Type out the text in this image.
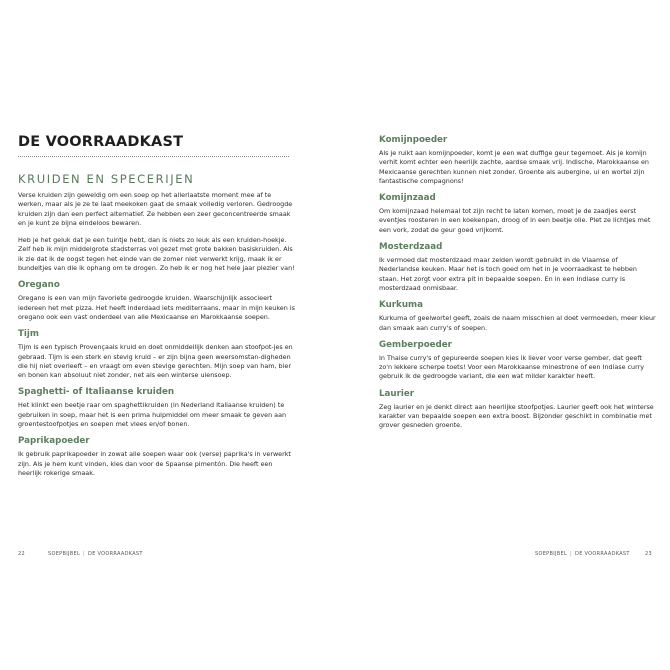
DE VOORRAADKAST
KRUIDEN EN SPECERIJEN

Verse kruiden zijn geweldig om een soep op het allerlaatste moment mee af te werken, maar als je ze te laat meekoken gaat de smaak volledig verloren. Gedroogde kruiden zijn dan een perfect alternatief. Ze hebben een zeer geconcentreerde smaak en je kunt ze bijna eindeloos bewaren.

Heb je het geluk dat je een tuintje hebt, dan is niets zo leuk als een kruiden-hoekje. Zelf heb ik mijn middelgrote stadsterras vol gezet met grote bakken basiskruiden. Als ik zie dat ik de oogst tegen het einde van de zomer niet verwerkt krijg, maak ik er bundeltjes van die ik ophang om te drogen. Zo heb ik er nog het hele jaar plezier van!

Oregano

Oregano is een van mijn favoriete gedroogde kruiden. Waarschijnlijk associeert iedereen het met pizza. Het heeft inderdaad iets mediterraans, maar in mijn keuken is oregano ook een vast onderdeel van alle Mexicaanse en Marokkaanse soepen.

Tijm

Tijm is een typisch Provençaals kruid en doet onmiddellijk denken aan stoofpot-jes en gebraad. Tijm is een sterk en stevig kruid – er zijn bijna geen weersomstan-digheden die hij niet overleeft – en vraagt om even stevige gerechten. Mijn soep van ham, bier en bonen kan absoluut niet zonder, net als een winterse uiensoep.

Spaghetti- of Italiaanse kruiden

Het klinkt een beetje raar om spaghettikruiden (in Nederland Italiaanse kruiden) te gebruiken in soep, maar het is een prima hulpmiddel om meer smaak te geven aan groentestoofpotjes en soepen met vlees en/of bonen.

Paprikapoeder

Ik gebruik paprikapoeder in zowat alle soepen waar ook (verse) paprika's in verwerkt zijn. Als je hem kunt vinden, kies dan voor de Spaanse pimentón. Die heeft een heerlijk rokerige smaak.

22	SOEPBIJBEL | DE VOORRAADKAST
Komijnpoeder

Als je ruikt aan komijnpoeder, komt je een wat duffige geur tegemoet. Als je komijn verhit komt echter een heerlijk zachte, aardse smaak vrij. Indische, Marokkaanse en Mexicaanse gerechten kunnen niet zonder. Groente als aubergine, ui en wortel zijn fantastische compagnons!

Komijnzaad

Om komijnzaad helemaal tot zijn recht te laten komen, moet je de zaadjes eerst eventjes roosteren in een koekenpan, droog of in een beetje olie. Plet ze lichtjes met een vork, zodat de geur goed vrijkomt.

Mosterdzaad

Ik vermoed dat mosterdzaad maar zelden wordt gebruikt in de Vlaamse of Nederlandse keuken. Maar het is toch goed om het in je voorraadkast te hebben staan. Het zorgt voor extra pit in bepaalde soepen. En in een Indiase curry is mosterdzaad onmisbaar.

Kurkuma

Kurkuma of geelwortel geeft, zoals de naam misschien al doet vermoeden, meer kleur dan smaak aan curry's of soepen.

Gemberpoeder

In Thaise curry's of gepureerde soepen kies ik liever voor verse gember, dat geeft zo'n lekkere scherpe toets! Voor een Marokkaanse minestrone of een Indiase curry gebruik ik de gedroogde variant, die een wat milder karakter heeft.

Laurier

Zeg laurier en je denkt direct aan heerlijke stoofpotjes. Laurier geeft ook het winterse karakter van bepaalde soepen een extra boost. Bijzonder geschikt in combinatie met grover gesneden groente.

SOEPBIJBEL | DE VOORRAADKAST	23
